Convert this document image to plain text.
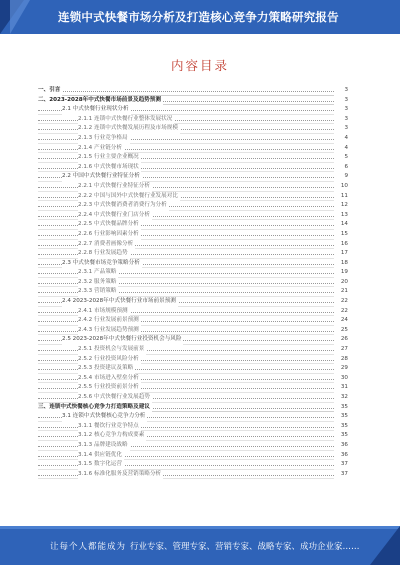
连锁中式快餐市场分析及打造核心竞争力策略研究报告
内容目录
一、引言	3
二、2023-2028年中式快餐市场前景及趋势预测	3
2.1 中式快餐行业现状分析	3
2.1.1 连锁中式快餐行业整体发展状况	3
2.1.2 连锁中式快餐发展历程及市场规模	3
2.1.3 行业竞争格局	4
2.1.4 产业链分析	4
2.1.5 行业主要企业概况	5
2.1.6 中式快餐市场现状	6
2.2 中国中式快餐行业特征分析	9
2.2.1 中式快餐行业特征分析	10
2.2.2 中国与国外中式快餐行业发展对比	11
2.2.3 中式快餐消费者消费行为分析	12
2.2.4 中式快餐行业门店分析	13
2.2.5 中式快餐品牌分析	14
2.2.6 行业影响因素分析	15
2.2.7 消费者画像分析	16
2.2.8 行业发展趋势	17
2.3 中式快餐市场竞争策略分析	18
2.3.1 产品策略	19
2.3.2 服务策略	20
2.3.3 营销策略	21
2.4 2023-2028年中式快餐行业市场前景预测	22
2.4.1 市场规模预测	22
2.4.2 行业发展前景预测	24
2.4.3 行业发展趋势预测	25
2.5 2023-2028年中式快餐行业投资机会与风险	26
2.5.1 投资机会与发展前景	27
2.5.2 行业投资风险分析	28
2.5.3 投资建议及策略	29
2.5.4 市场进入壁垒分析	30
2.5.5 行业投资前景分析	31
2.5.6 中式快餐行业发展趋势	32
三、连锁中式快餐核心竞争力打造策略及建议	35
3.1 连锁中式快餐核心竞争力分析	35
3.1.1 餐饮行业竞争特点	35
3.1.2 核心竞争力构成要素	35
3.1.3 品牌建设战略	36
3.1.4 供应链优化	36
3.1.5 数字化运营	37
3.1.6 标准化服务及营销策略分析	37
让每个人都能成为 行业专家、管理专家、营销专家、战略专家、成功企业家……
